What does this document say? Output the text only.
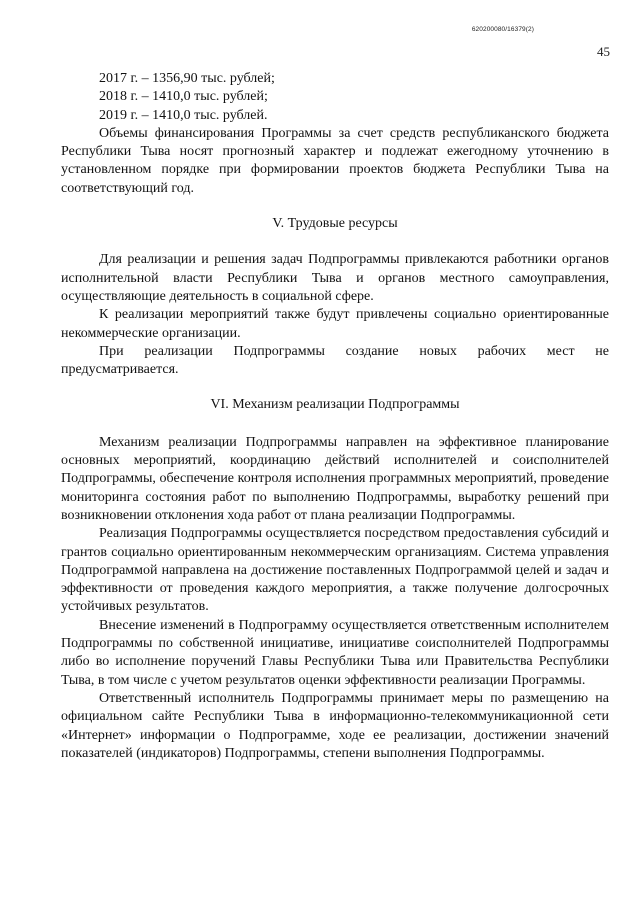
620200080/16379(2)
45
2017 г. – 1356,90 тыс. рублей;
2018 г. – 1410,0 тыс. рублей;
2019 г. – 1410,0 тыс. рублей.

Объемы финансирования Программы за счет средств республиканского бюджета Республики Тыва носят прогнозный характер и подлежат ежегодному уточнению в установленном порядке при формировании проектов бюджета Республики Тыва на соответствующий год.

V. Трудовые ресурсы

Для реализации и решения задач Подпрограммы привлекаются работники органов исполнительной власти Республики Тыва и органов местного самоуправления, осуществляющие деятельность в социальной сфере.

К реализации мероприятий также будут привлечены социально ориентированные некоммерческие организации.

При реализации Подпрограммы создание новых рабочих мест не предусматривается.

VI. Механизм реализации Подпрограммы

Механизм реализации Подпрограммы направлен на эффективное планирование основных мероприятий, координацию действий исполнителей и соисполнителей Подпрограммы, обеспечение контроля исполнения программных мероприятий, проведение мониторинга состояния работ по выполнению Подпрограммы, выработку решений при возникновении отклонения хода работ от плана реализации Подпрограммы.

Реализация Подпрограммы осуществляется посредством предоставления субсидий и грантов социально ориентированным некоммерческим организациям. Система управления Подпрограммой направлена на достижение поставленных Подпрограммой целей и задач и эффективности от проведения каждого мероприятия, а также получение долгосрочных устойчивых результатов.

Внесение изменений в Подпрограмму осуществляется ответственным исполнителем Подпрограммы по собственной инициативе, инициативе соисполнителей Подпрограммы либо во исполнение поручений Главы Республики Тыва или Правительства Республики Тыва, в том числе с учетом результатов оценки эффективности реализации Программы.

Ответственный исполнитель Подпрограммы принимает меры по размещению на официальном сайте Республики Тыва в информационно-телекоммуникационной сети «Интернет» информации о Подпрограмме, ходе ее реализации, достижении значений показателей (индикаторов) Подпрограммы, степени выполнения Подпрограммы.
